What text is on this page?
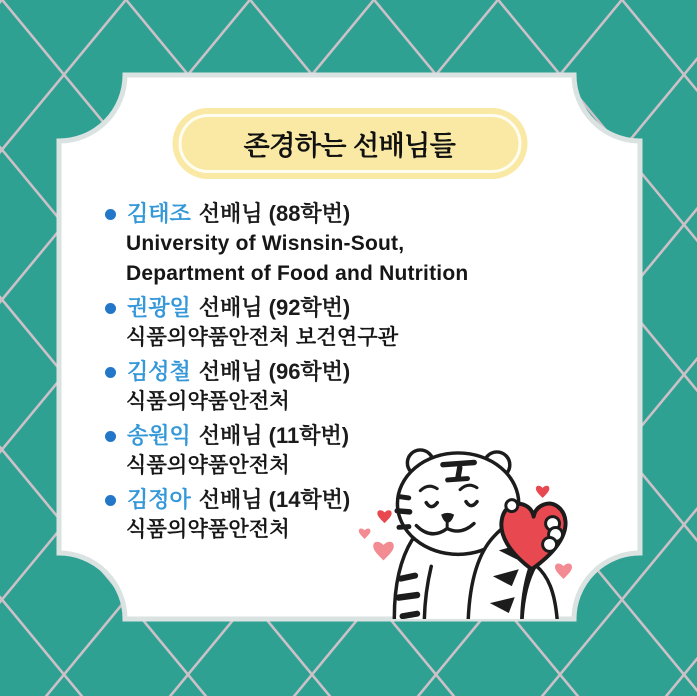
존경하는 선배님들
김태조 선배님 (88학번)
University of Wisnsin-Sout,
Department of Food and Nutrition
권광일 선배님 (92학번)
식품의약품안전처 보건연구관
김성철 선배님 (96학번)
식품의약품안전처
송원익 선배님 (11학번)
식품의약품안전처
김정아 선배님 (14학번)
식품의약품안전처
